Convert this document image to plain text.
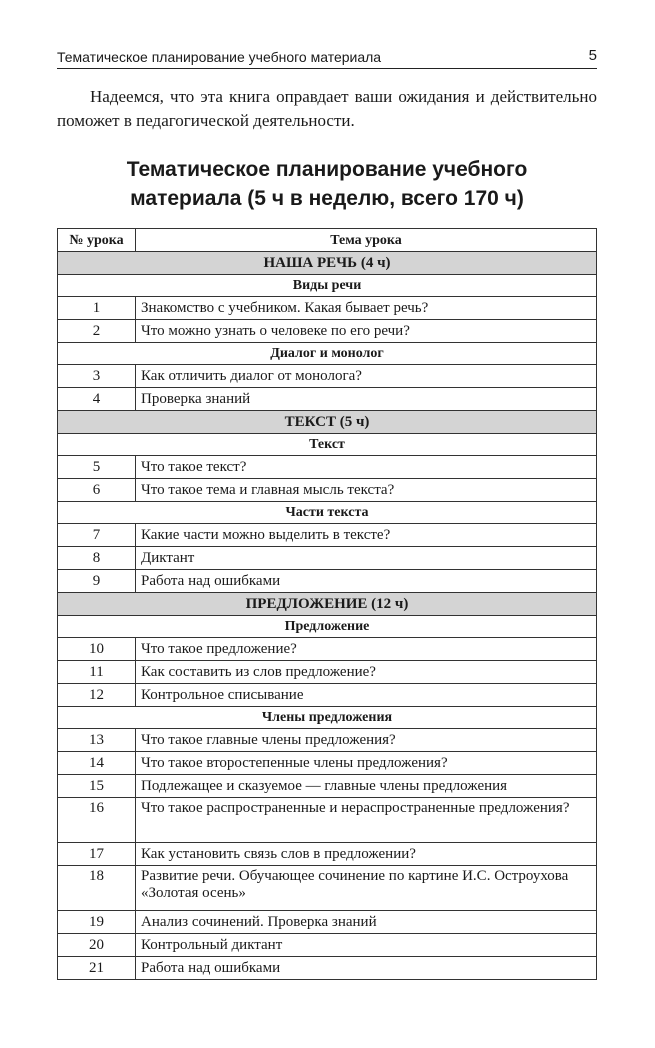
Тематическое планирование учебного материала	5

Надеемся, что эта книга оправдает ваши ожидания и действительно поможет в педагогической деятельности.

Тематическое планирование учебного
материала (5 ч в неделю, всего 170 ч)
№ урока	Тема урока
НАША РЕЧЬ (4 ч)	
Виды речи	
1	Знакомство с учебником. Какая бывает речь?
2	Что можно узнать о человеке по его речи?
Диалог и монолог	
3	Как отличить диалог от монолога?
4	Проверка знаний
ТЕКСТ (5 ч)	
Текст	
5	Что такое текст?
6	Что такое тема и главная мысль текста?
Части текста	
7	Какие части можно выделить в тексте?
8	Диктант
9	Работа над ошибками
ПРЕДЛОЖЕНИЕ (12 ч)	
Предложение	
10	Что такое предложение?
11	Как составить из слов предложение?
12	Контрольное списывание
Члены предложения	
13	Что такое главные члены предложения?
14	Что такое второстепенные члены предложения?
15	Подлежащее и сказуемое — главные члены предложения
16	Что такое распространенные и нераспространенные предложения?
17	Как установить связь слов в предложении?
18	Развитие речи. Обучающее сочинение по картине И.С. Остроухова «Золотая осень»
19	Анализ сочинений. Проверка знаний
20	Контрольный диктант
21	Работа над ошибками
